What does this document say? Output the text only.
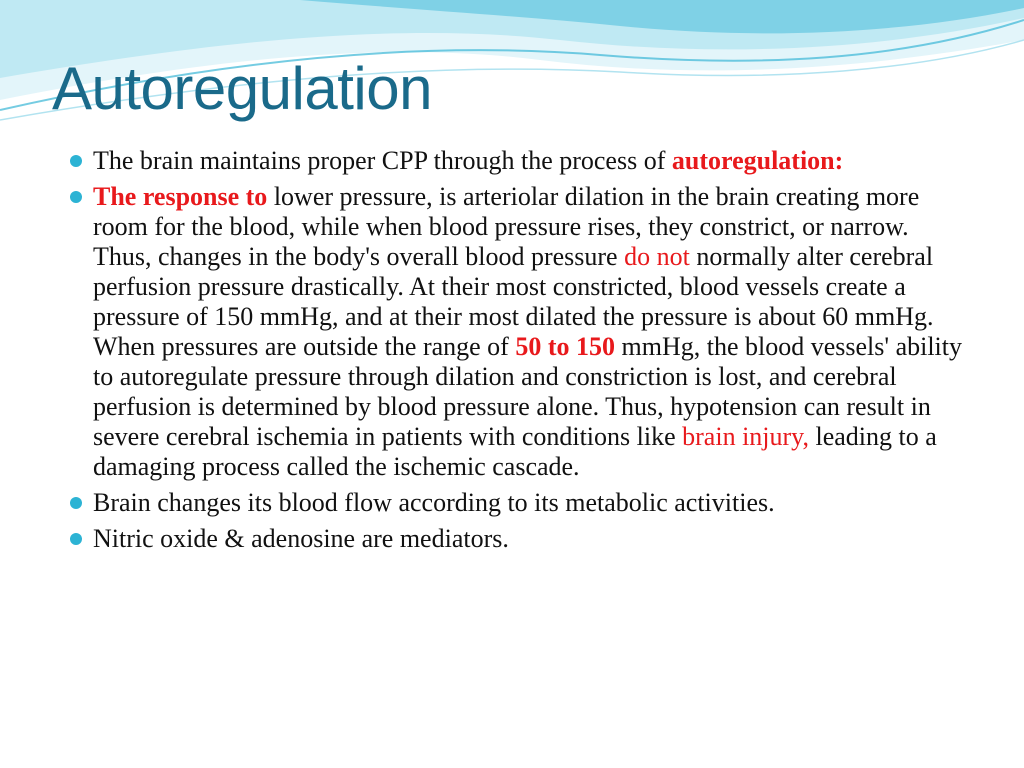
Autoregulation
The brain maintains proper CPP through the process of autoregulation:
The response to lower pressure, is arteriolar dilation in the brain creating more room for the blood, while when blood pressure rises, they constrict, or narrow. Thus, changes in the body's overall blood pressure do not normally alter cerebral perfusion pressure drastically. At their most constricted, blood vessels create a pressure of 150 mmHg, and at their most dilated the pressure is about 60 mmHg. When pressures are outside the range of 50 to 150 mmHg, the blood vessels' ability to autoregulate pressure through dilation and constriction is lost, and cerebral perfusion is determined by blood pressure alone. Thus, hypotension can result in severe cerebral ischemia in patients with conditions like brain injury, leading to a damaging process called the ischemic cascade.
Brain changes its blood flow according to its metabolic activities.
Nitric oxide & adenosine are mediators.
